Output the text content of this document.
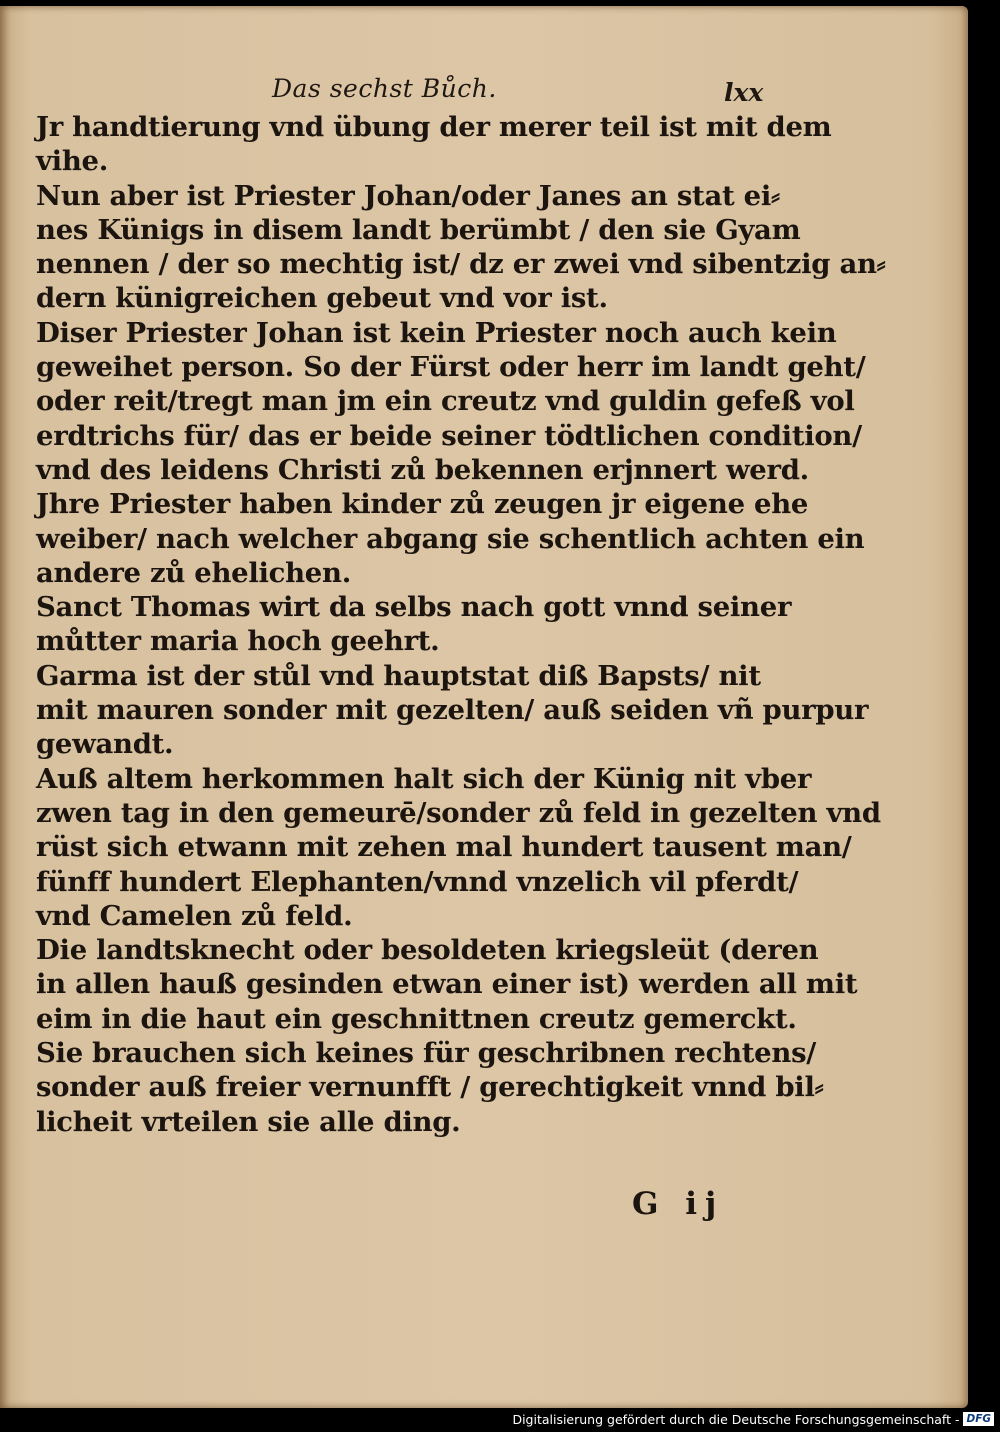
Das sechst Bůch.	lxx
Jr handtierung vnd übung der merer teil ist mit dem
vihe.
Nun aber ist Priester Johan/oder Janes an stat ei⸗
nes Künigs in disem landt berümbt / den sie Gyam
nennen / der so mechtig ist/ dz er zwei vnd sibentzig an⸗
dern künigreichen gebeut vnd vor ist.
Diser Priester Johan ist kein Priester noch auch kein
geweihet person. So der Fürst oder herr im landt geht/
oder reit/tregt man jm ein creutz vnd guldin gefeß vol
erdtrichs für/ das er beide seiner tödtlichen condition/
vnd des leidens Christi zů bekennen erjnnert werd.
Jhre Priester haben kinder zů zeugen jr eigene ehe
weiber/ nach welcher abgang sie schentlich achten ein
andere zů ehelichen.
Sanct Thomas wirt da selbs nach gott vnnd seiner
můtter maria hoch geehrt.
Garma ist der stůl vnd hauptstat diß Bapsts/ nit
mit mauren sonder mit gezelten/ auß seiden vñ purpur
gewandt.
Auß altem herkommen halt sich der Künig nit vber
zwen tag in den gemeurē/sonder zů feld in gezelten vnd
rüst sich etwann mit zehen mal hundert tausent man/
fünff hundert Elephanten/vnnd vnzelich vil pferdt/
vnd Camelen zů feld.
Die landtsknecht oder besoldeten kriegsleüt (deren
in allen hauß gesinden etwan einer ist) werden all mit
eim in die haut ein geschnittnen creutz gemerckt.
Sie brauchen sich keines für geschribnen rechtens/
sonder auß freier vernunfft / gerechtigkeit vnnd bil⸗
licheit vrteilen sie alle ding.
G ij
Digitalisierung gefördert durch die Deutsche Forschungsgemeinschaft - DFG
